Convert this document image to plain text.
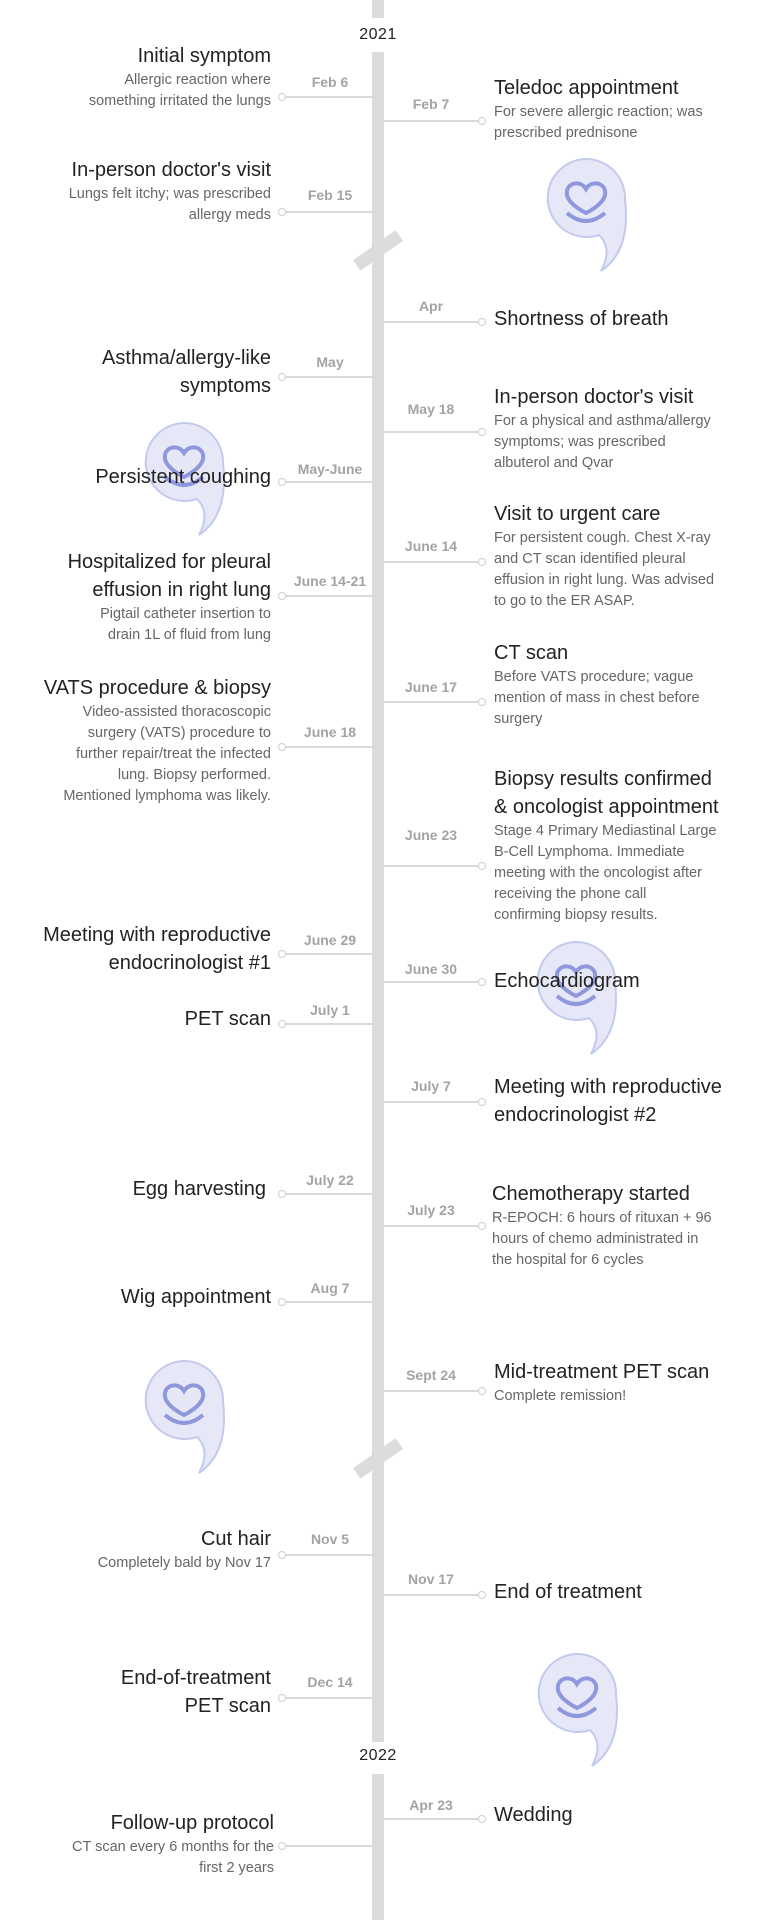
2021
2022
Feb 6
Initial symptom
Allergic reaction where
something irritated the lungs	Feb 7
Teledoc appointment
For severe allergic reaction; was
prescribed prednisone
Feb 15
In-person doctor's visit
Lungs felt itchy; was prescribed
allergy meds
Apr
Shortness of breath
May
Asthma/allergy-like
symptoms
May 18
In-person doctor's visit
For a physical and asthma/allergy
symptoms; was prescribed
albuterol and Qvar
May-June
Persistent coughing
June 14
Visit to urgent care
For persistent cough. Chest X-ray
and CT scan identified pleural
effusion in right lung. Was advised
to go to the ER ASAP.
June 14-21
Hospitalized for pleural
effusion in right lung
Pigtail catheter insertion to
drain 1L of fluid from lung
June 17
CT scan
Before VATS procedure; vague
mention of mass in chest before
surgery
June 18
VATS procedure & biopsy
Video-assisted thoracoscopic
surgery (VATS) procedure to
further repair/treat the infected
lung. Biopsy performed.
Mentioned lymphoma was likely.
June 23
Biopsy results confirmed
& oncologist appointment
Stage 4 Primary Mediastinal Large
B-Cell Lymphoma. Immediate
meeting with the oncologist after
receiving the phone call
confirming biopsy results.
June 29
Meeting with reproductive
endocrinologist #1	June 30
Echocardiogram
July 1
PET scan
July 7	Meeting with reproductive
endocrinologist #2
July 22
Egg harvesting
July 23
Chemotherapy started
R-EPOCH: 6 hours of rituxan + 96
hours of chemo administrated in
the hospital for 6 cycles
Aug 7
Wig appointment
Sept 24	Mid-treatment PET scan
Complete remission!
Nov 5
Cut hair
Completely bald by Nov 17
Nov 17
End of treatment
Dec 14
End-of-treatment
PET scan
Apr 23	Wedding
Follow-up protocol
CT scan every 6 months for the
first 2 years
